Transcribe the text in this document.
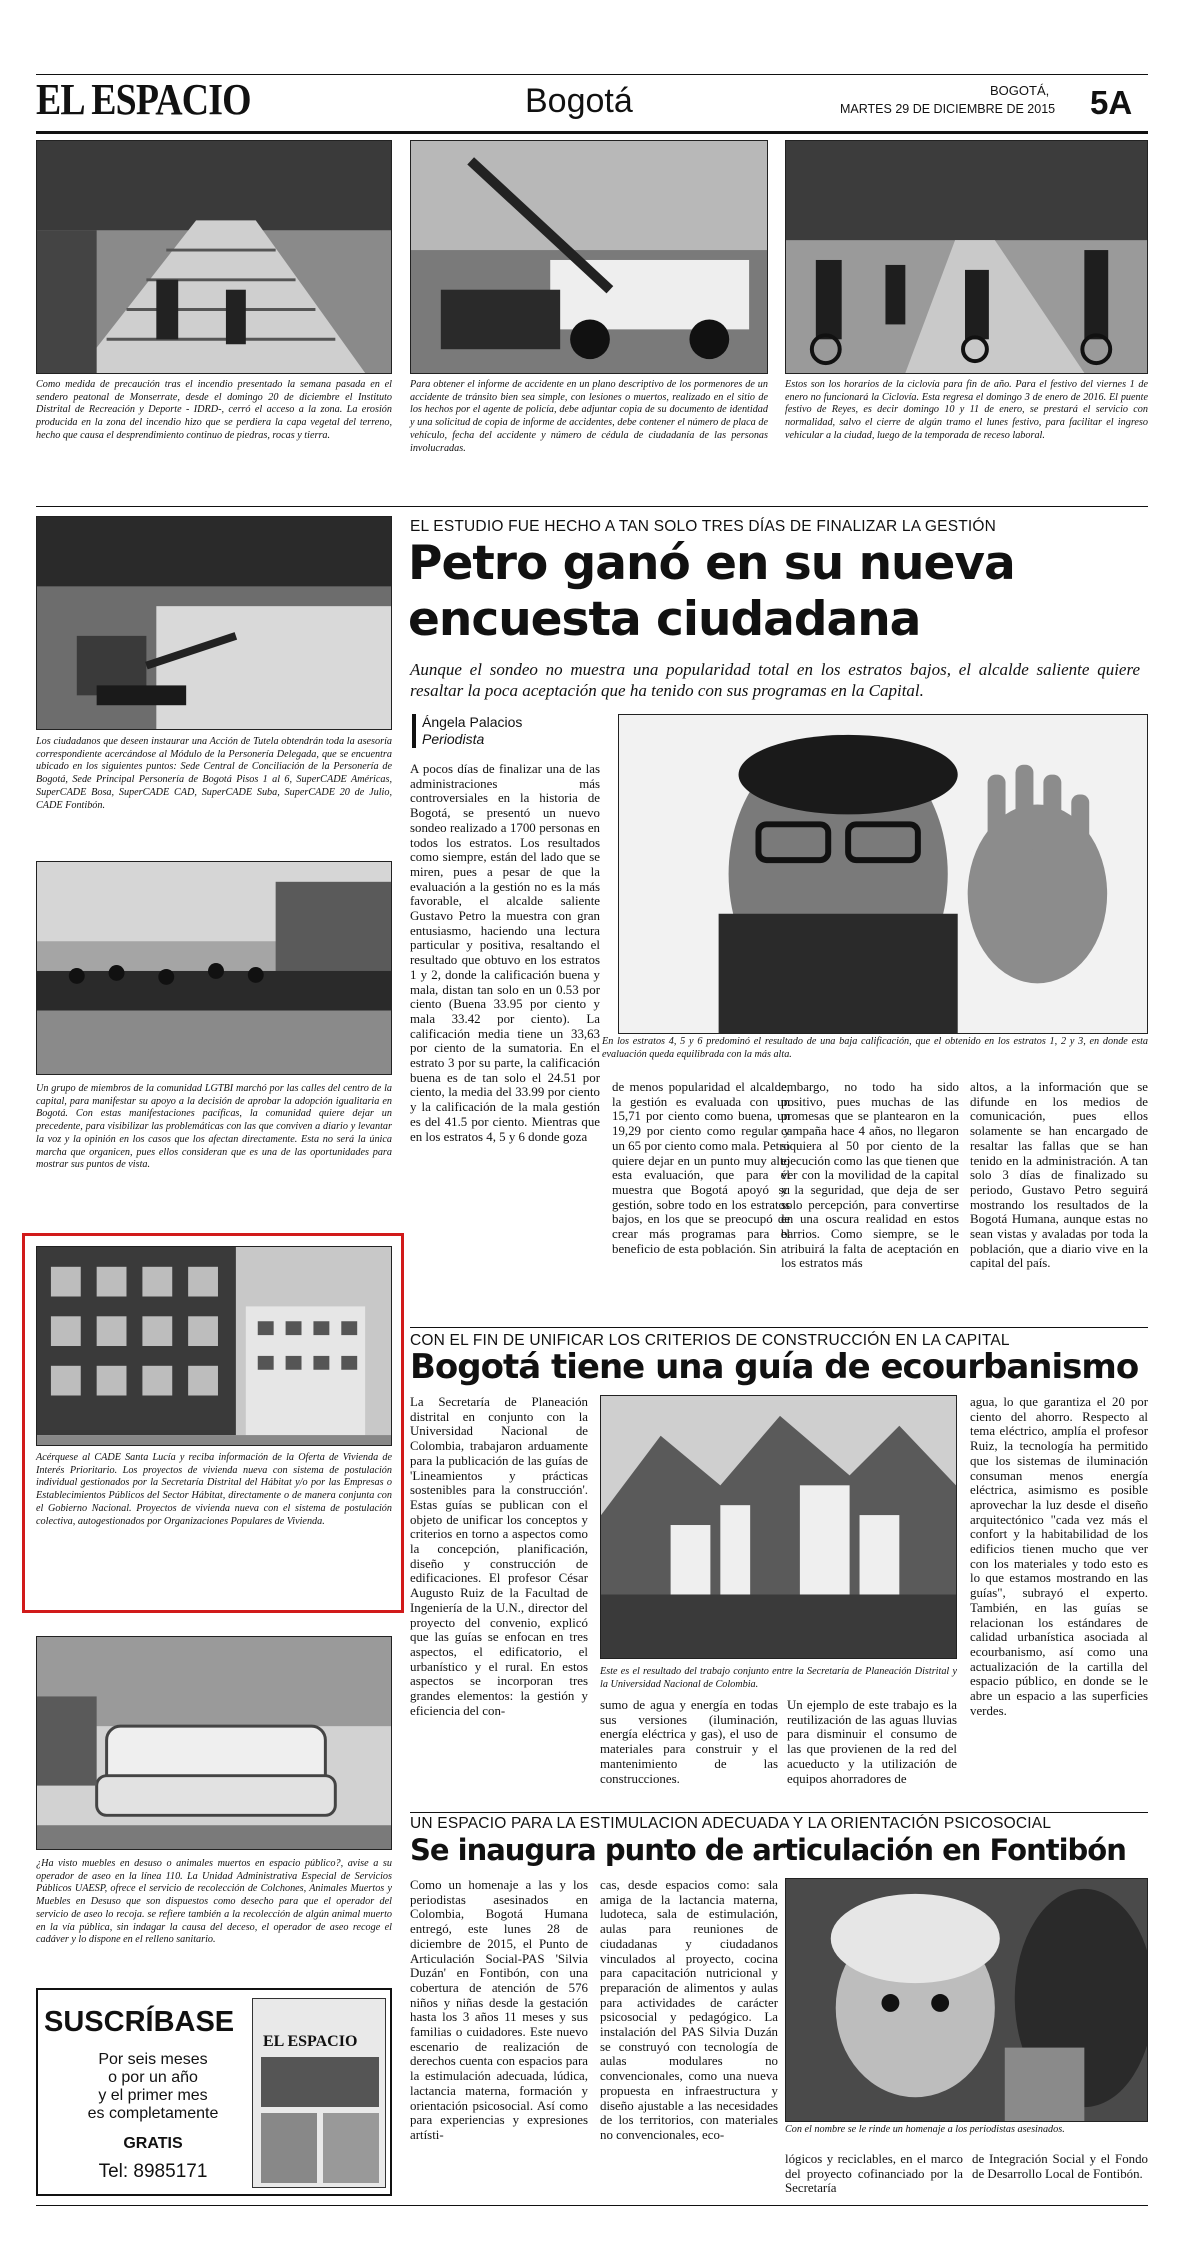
EL ESPACIO	Bogotá	BOGOTÁ,
MARTES 29 DE DICIEMBRE DE 2015 5A
Como medida de precaución tras el incendio presentado la semana pasada en el sendero peatonal de Monserrate, desde el domingo 20 de diciembre el Instituto Distrital de Recreación y Deporte - IDRD-, cerró el acceso a la zona. La erosión producida en la zona del incendio hizo que se perdiera la capa vegetal del terreno, hecho que causa el desprendimiento continuo de piedras, rocas y tierra.
Para obtener el informe de accidente en un plano descriptivo de los pormenores de un accidente de tránsito bien sea simple, con lesiones o muertos, realizado en el sitio de los hechos por el agente de policía, debe adjuntar copia de su documento de identidad y una solicitud de copia de informe de accidentes, debe contener el número de placa de vehículo, fecha del accidente y número de cédula de ciudadanía de las personas involucradas.
Estos son los horarios de la ciclovía para fin de año. Para el festivo del viernes 1 de enero no funcionará la Ciclovía. Esta regresa el domingo 3 de enero de 2016. El puente festivo de Reyes, es decir domingo 10 y 11 de enero, se prestará el servicio con normalidad, salvo el cierre de algún tramo el lunes festivo, para facilitar el ingreso vehicular a la ciudad, luego de la temporada de receso laboral.
Los ciudadanos que deseen instaurar una Acción de Tutela obtendrán toda la asesoría correspondiente acercándose al Módulo de la Personería Delegada, que se encuentra ubicado en los siguientes puntos: Sede Central de Conciliación de la Personería de Bogotá, Sede Principal Personería de Bogotá Pisos 1 al 6, SuperCADE Américas, SuperCADE Bosa, SuperCADE CAD, SuperCADE Suba, SuperCADE 20 de Julio, CADE Fontibón.
Un grupo de miembros de la comunidad LGTBI marchó por las calles del centro de la capital, para manifestar su apoyo a la decisión de aprobar la adopción igualitaria en Bogotá. Con estas manifestaciones pacíficas, la comunidad quiere dejar un precedente, para visibilizar las problemáticas con las que conviven a diario y levantar la voz y la opinión en los casos que los afectan directamente. Esta no será la única marcha que organicen, pues ellos consideran que es una de las oportunidades para mostrar sus puntos de vista.
Acérquese al CADE Santa Lucía y reciba información de la Oferta de Vivienda de Interés Prioritario. Los proyectos de vivienda nueva con sistema de postulación individual gestionados por la Secretaría Distrital del Hábitat y/o por las Empresas o Establecimientos Públicos del Sector Hábitat, directamente o de manera conjunta con el Gobierno Nacional. Proyectos de vivienda nueva con el sistema de postulación colectiva, autogestionados por Organizaciones Populares de Vivienda.
¿Ha visto muebles en desuso o animales muertos en espacio público?, avise a su operador de aseo en la línea 110. La Unidad Administrativa Especial de Servicios Públicos UAESP, ofrece el servicio de recolección de Colchones, Animales Muertos y Muebles en Desuso que son dispuestos como desecho para que el operador del servicio de aseo lo recoja. se refiere también a la recolección de algún animal muerto en la vía pública, sin indagar la causa del deceso, el operador de aseo recoge el cadáver y lo dispone en el relleno sanitario.
SUSCRÍBASE
Por seis meses
o por un año
y el primer mes
es completamente
GRATIS
Tel: 8985171
EL ESPACIO
EL ESTUDIO FUE HECHO A TAN SOLO TRES DÍAS DE FINALIZAR LA GESTIÓN
Petro ganó en su nueva
encuesta ciudadana
Aunque el sondeo no muestra una popularidad total en los estratos bajos, el alcalde saliente quiere resaltar la poca aceptación que ha tenido con sus programas en la Capital.
Ángela Palacios
Periodista
En los estratos 4, 5 y 6 predominó el resultado de una baja calificación, que el obtenido en los estratos 1, 2 y 3, en donde esta evaluación queda equilibrada con la más alta.
A pocos días de finalizar una de las administraciones más controversiales en la historia de Bogotá, se presentó un nuevo sondeo realizado a 1700 personas en todos los estratos. Los resultados como siempre, están del lado que se miren, pues a pesar de que la evaluación a la gestión no es la más favorable, el alcalde saliente Gustavo Petro la muestra con gran entusiasmo, haciendo una lectura particular y positiva, resaltando el resultado que obtuvo en los estratos 1 y 2, donde la calificación buena y mala, distan tan solo en un 0.53 por ciento (Buena 33.95 por ciento y mala 33.42 por ciento). La calificación media tiene un 33,63 por ciento de la sumatoria. En el estrato 3 por su parte, la calificación buena es de tan solo el 24.51 por ciento, la media del 33.99 por ciento y la calificación de la mala gestión es del 41.5 por ciento. Mientras que en los estratos 4, 5 y 6 donde goza
de menos popularidad el alcalde, la gestión es evaluada con un 15,71 por ciento como buena, un 19,29 por ciento como regular y un 65 por ciento como mala. Petro quiere dejar en un punto muy alto esta evaluación, que para él muestra que Bogotá apoyó su gestión, sobre todo en los estratos bajos, en los que se preocupó de crear más programas para el beneficio de esta población. Sin
embargo, no todo ha sido positivo, pues muchas de las promesas que se plantearon en la campaña hace 4 años, no llegaron siquiera al 50 por ciento de la ejecución como las que tienen que ver con la movilidad de la capital y la seguridad, que deja de ser solo percepción, para convertirse en una oscura realidad en estos barrios. Como siempre, se le atribuirá la falta de aceptación en los estratos más
altos, a la información que se difunde en los medios de comunicación, pues ellos solamente se han encargado de resaltar las fallas que se han tenido en la administración. A tan solo 3 días de finalizado su periodo, Gustavo Petro seguirá mostrando los resultados de la Bogotá Humana, aunque estas no sean vistas y avaladas por toda la población, que a diario vive en la capital del país.
CON EL FIN DE UNIFICAR LOS CRITERIOS DE CONSTRUCCIÓN EN LA CAPITAL
Bogotá tiene una guía de ecourbanismo
La Secretaría de Planeación distrital en conjunto con la Universidad Nacional de Colombia, trabajaron arduamente para la publicación de las guías de 'Lineamientos y prácticas sostenibles para la construcción'. Estas guías se publican con el objeto de unificar los conceptos y criterios en torno a aspectos como la concepción, planificación, diseño y construcción de edificaciones. El profesor César Augusto Ruiz de la Facultad de Ingeniería de la U.N., director del proyecto del convenio, explicó que las guías se enfocan en tres aspectos, el edificatorio, el urbanístico y el rural. En estos aspectos se incorporan tres grandes elementos: la gestión y eficiencia del con-
Este es el resultado del trabajo conjunto entre la Secretaría de Planeación Distrital y la Universidad Nacional de Colombia.
sumo de agua y energía en todas sus versiones (iluminación, energía eléctrica y gas), el uso de materiales para construir y el mantenimiento de las construcciones.
Un ejemplo de este trabajo es la reutilización de las aguas lluvias para disminuir el consumo de las que provienen de la red del acueducto y la utilización de equipos ahorradores de
agua, lo que garantiza el 20 por ciento del ahorro. Respecto al tema eléctrico, amplía el profesor Ruiz, la tecnología ha permitido que los sistemas de iluminación consuman menos energía eléctrica, asimismo es posible aprovechar la luz desde el diseño arquitectónico "cada vez más el confort y la habitabilidad de los edificios tienen mucho que ver con los materiales y todo esto es lo que estamos mostrando en las guías", subrayó el experto. También, en las guías se relacionan los estándares de calidad urbanística asociada al ecourbanismo, así como una actualización de la cartilla del espacio público, en donde se le abre un espacio a las superficies verdes.
UN ESPACIO PARA LA ESTIMULACION ADECUADA Y LA ORIENTACIÓN PSICOSOCIAL
Se inaugura punto de articulación en Fontibón
Como un homenaje a las y los periodistas asesinados en Colombia, Bogotá Humana entregó, este lunes 28 de diciembre de 2015, el Punto de Articulación Social-PAS 'Silvia Duzán' en Fontibón, con una cobertura de atención de 576 niños y niñas desde la gestación hasta los 3 años 11 meses y sus familias o cuidadores. Este nuevo escenario de realización de derechos cuenta con espacios para la estimulación adecuada, lúdica, lactancia materna, formación y orientación psicosocial. Así como para experiencias y expresiones artísti-
cas, desde espacios como: sala amiga de la lactancia materna, ludoteca, sala de estimulación, aulas para reuniones de ciudadanas y ciudadanos vinculados al proyecto, cocina para capacitación nutricional y preparación de alimentos y aulas para actividades de carácter psicosocial y pedagógico. La instalación del PAS Silvia Duzán se construyó con tecnología de aulas modulares no convencionales, como una nueva propuesta en infraestructura y diseño ajustable a las necesidades de los territorios, con materiales no convencionales, eco-	Con el nombre se le rinde un homenaje a los periodistas asesinados.
lógicos y reciclables, en el marco del proyecto cofinanciado por la Secretaría
de Integración Social y el Fondo de Desarrollo Local de Fontibón.
